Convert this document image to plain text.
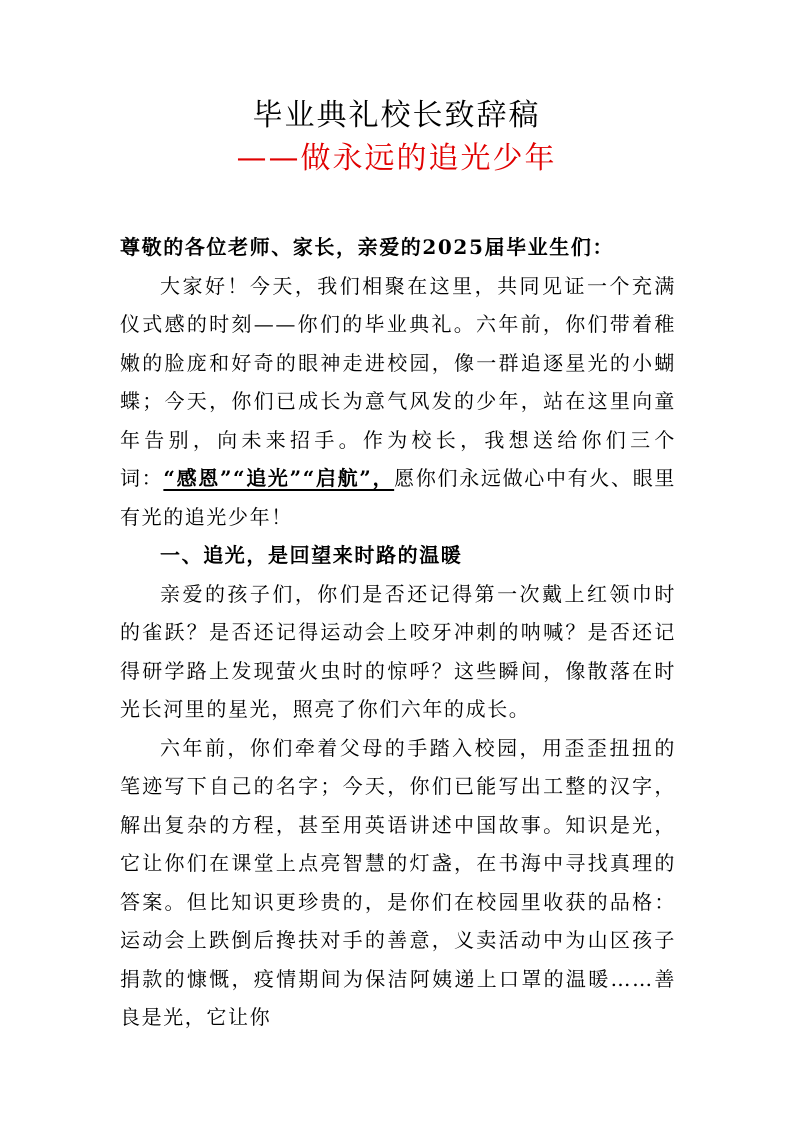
毕业典礼校长致辞稿
——做永远的追光少年

尊敬的各位老师、家长，亲爱的2025届毕业生们：

大家好！今天，我们相聚在这里，共同见证一个充满仪式感的时刻——你们的毕业典礼。六年前，你们带着稚嫩的脸庞和好奇的眼神走进校园，像一群追逐星光的小蝴蝶；今天，你们已成长为意气风发的少年，站在这里向童年告别，向未来招手。作为校长，我想送给你们三个词：“感恩”“追光”“启航”，愿你们永远做心中有火、眼里有光的追光少年！

一、追光，是回望来时路的温暖

亲爱的孩子们，你们是否还记得第一次戴上红领巾时的雀跃？是否还记得运动会上咬牙冲刺的呐喊？是否还记得研学路上发现萤火虫时的惊呼？这些瞬间，像散落在时光长河里的星光，照亮了你们六年的成长。

六年前，你们牵着父母的手踏入校园，用歪歪扭扭的笔迹写下自己的名字；今天，你们已能写出工整的汉字，解出复杂的方程，甚至用英语讲述中国故事。知识是光，它让你们在课堂上点亮智慧的灯盏，在书海中寻找真理的答案。但比知识更珍贵的，是你们在校园里收获的品格：运动会上跌倒后搀扶对手的善意，义卖活动中为山区孩子捐款的慷慨，疫情期间为保洁阿姨递上口罩的温暖……善良是光，它让你
